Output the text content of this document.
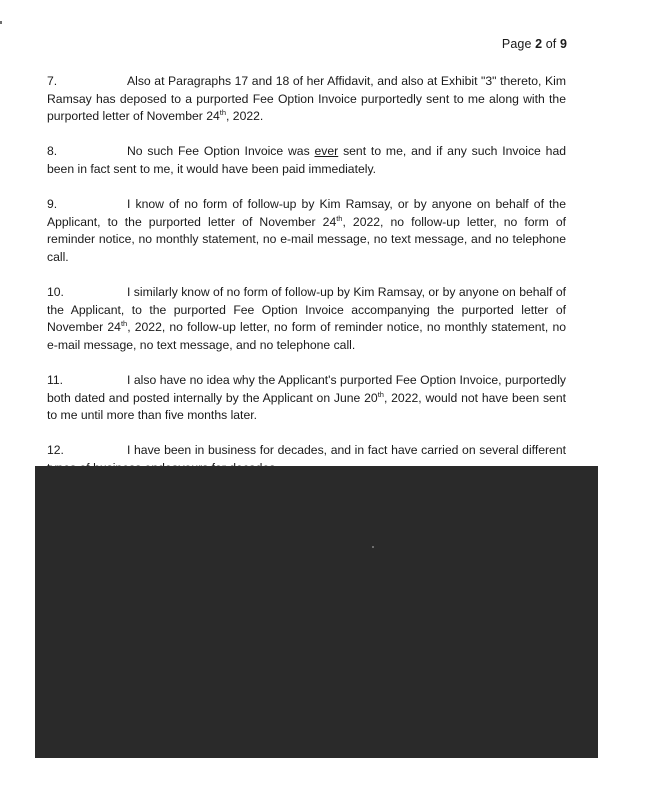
Page 2 of 9

7.	Also at Paragraphs 17 and 18 of her Affidavit, and also at Exhibit "3" thereto, Kim Ramsay has deposed to a purported Fee Option Invoice purportedly sent to me along with the purported letter of November 24th, 2022.

8.	No such Fee Option Invoice was ever sent to me, and if any such Invoice had been in fact sent to me, it would have been paid immediately.

9.	I know of no form of follow-up by Kim Ramsay, or by anyone on behalf of the Applicant, to the purported letter of November 24th, 2022, no follow-up letter, no form of reminder notice, no monthly statement, no e-mail message, no text message, and no telephone call.

10.	I similarly know of no form of follow-up by Kim Ramsay, or by anyone on behalf of the Applicant, to the purported Fee Option Invoice accompanying the purported letter of November 24th, 2022, no follow-up letter, no form of reminder notice, no monthly statement, no e-mail message, no text message, and no telephone call.

11.	I also have no idea why the Applicant's purported Fee Option Invoice, purportedly both dated and posted internally by the Applicant on June 20th, 2022, would not have been sent to me until more than five months later.

12.	I have been in business for decades, and in fact have carried on several different
